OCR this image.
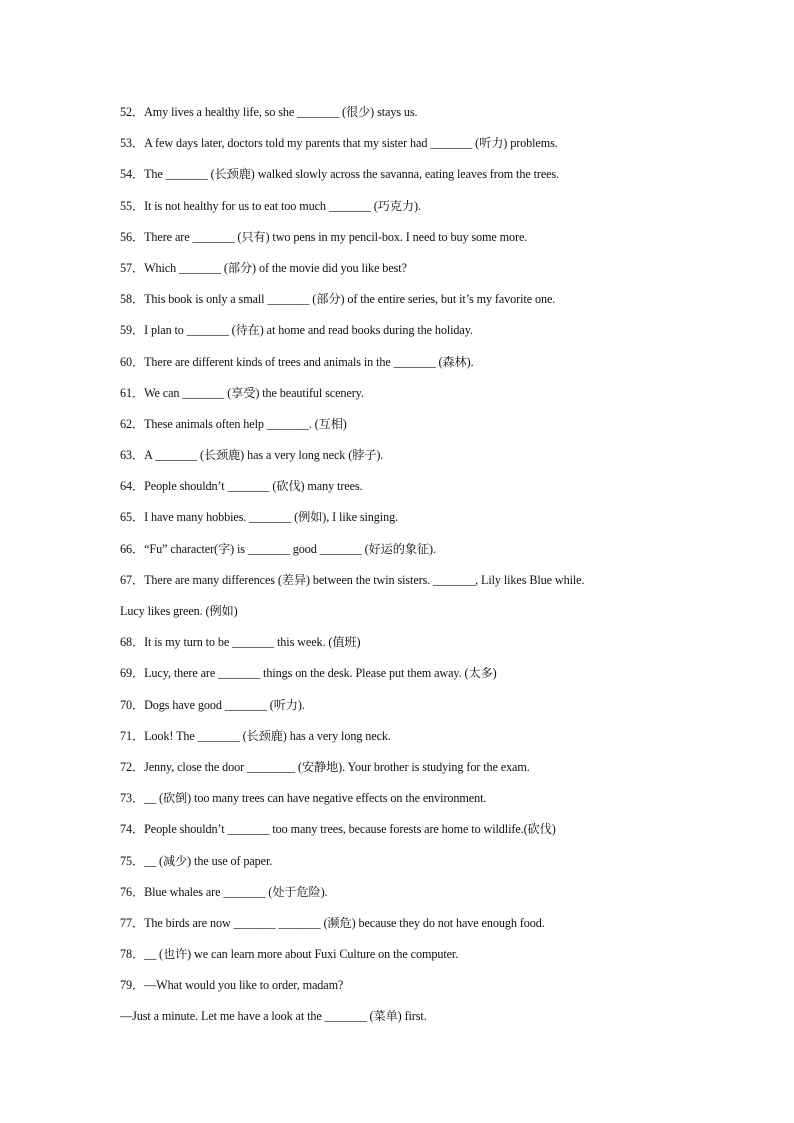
52．Amy lives a healthy life, so she _______ (很少) stays us.
53．A few days later, doctors told my parents that my sister had _______ (听力) problems.
54．The _______ (长颈鹿) walked slowly across the savanna, eating leaves from the trees.
55．It is not healthy for us to eat too much _______ (巧克力).
56．There are _______ (只有) two pens in my pencil-box. I need to buy some more.
57．Which _______ (部分) of the movie did you like best?
58．This book is only a small _______ (部分) of the entire series, but it’s my favorite one.
59．I plan to _______ (待在) at home and read books during the holiday.
60．There are different kinds of trees and animals in the _______ (森林).
61．We can _______ (享受) the beautiful scenery.
62．These animals often help _______. (互相)
63．A _______ (长颈鹿) has a very long neck (脖子).
64．People shouldn’t _______ (砍伐) many trees.
65．I have many hobbies. _______ (例如), I like singing.
66．“Fu” character(字) is _______ good _______ (好运的象征).
67．There are many differences (差异) between the twin sisters. _______, Lily likes Blue while.
Lucy likes green. (例如)
68．It is my turn to be _______ this week. (值班)
69．Lucy, there are _______ things on the desk. Please put them away. (太多)
70．Dogs have good _______ (听力).
71．Look! The _______ (长颈鹿) has a very long neck.
72．Jenny, close the door ________ (安静地). Your brother is studying for the exam.
73．__ (砍倒) too many trees can have negative effects on the environment.
74．People shouldn’t _______ too many trees, because forests are home to wildlife.(砍伐)
75．__ (减少) the use of paper.
76．Blue whales are _______ (处于危险).
77．The birds are now _______ _______ (濒危) because they do not have enough food.
78．__ (也许) we can learn more about Fuxi Culture on the computer.
79．—What would you like to order, madam?
—Just a minute. Let me have a look at the _______ (菜单) first.
